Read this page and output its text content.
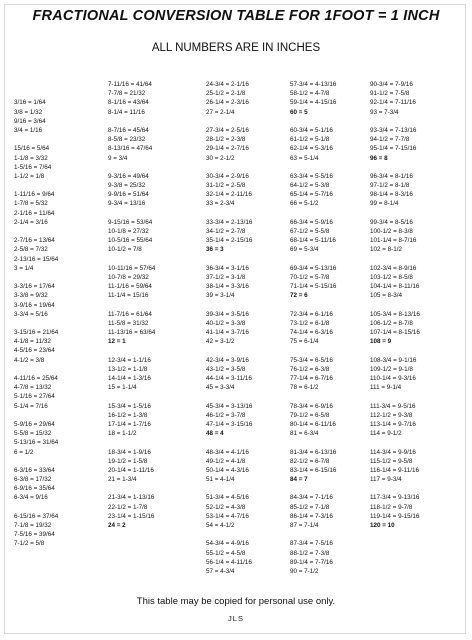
FRACTIONAL CONVERSION TABLE FOR 1FOOT = 1 INCH
ALL NUMBERS ARE IN INCHES
3/16 = 1/64
3/8 = 1/32
9/16 = 3/64
3/4 = 1/16
15/16 = 5/64
1-1/8 = 3/32
1-5/16 = 7/64
1-1/2 = 1/8
1-11/16 = 9/64
1-7/8 = 5/32
2-1/16 = 11/64
2-1/4 = 3/16
2-7/16 = 13/64
2-5/8 = 7/32
2-13/16 = 15/64
3 = 1/4
3-3/16 = 17/64
3-3/8 = 9/32
3-9/16 = 19/64
3-3/4 = 5/16
3-15/16 = 21/64
4-1/8 = 11/32
4-5/16 = 23/64
4-1/2 = 3/8
4-11/16 = 25/64
4-7/8 = 13/32
5-1/16 = 27/64
5-1/4 = 7/16
5-9/16 = 29/64
5-5/8 = 15/32
5-13/16 = 31/64
6 = 1/2
6-3/16 = 33/64
6-3/8 = 17/32
6-9/16 = 35/64
6-3/4 = 9/16
6-15/16 = 37/64
7-1/8 = 19/32
7-5/16 = 39/64
7-1/2 = 5/8
7-11/16 = 41/64
7-7/8 = 21/32
8-1/16 = 43/64
8-1/4 = 11/16
8-7/16 = 45/64
8-5/8 = 23/32
8-13/16 = 47/64
9 = 3/4
9-3/16 = 49/64
9-3/8 = 25/32
9-9/16 = 51/64
9-3/4 = 13/16
9-15/16 = 53/64
10-1/8 = 27/32
10-5/16 = 55/64
10-1/2 = 7/8
10-11/16 = 57/64
10-7/8 = 29/32
11-1/16 = 59/64
11-1/4 = 15/16
11-7/16 = 61/64
11-5/8 = 31/32
11-13/16 = 63/64
12 = 1
12-3/4 = 1-1/16
13-1/2 = 1-1/8
14-1/4 = 1-3/16
15 = 1-1/4
15-3/4 = 1-5/16
16-1/2 = 1-3/8
17-1/4 = 1-7/16
18 = 1-1/2
18-3/4 = 1-9/16
19-1/2 = 1-5/8
20-1/4 = 1-11/16
21 = 1-3/4
21-3/4 = 1-13/16
22-1/2 = 1-7/8
23-1/4 = 1-15/16
24 = 2
24-3/4 = 2-1/16
25-1/2 = 2-1/8
26-1/4 = 2-3/16
27 = 2-1/4
27-3/4 = 2-5/16
28-1/2 = 2-3/8
29-1/4 = 2-7/16
30 = 2-1/2
30-3/4 = 2-9/16
31-1/2 = 2-5/8
32-1/4 = 2-11/16
33 = 2-3/4
33-3/4 = 2-13/16
34-1/2 = 2-7/8
35-1/4 = 2-15/16
36 = 3
36-3/4 = 3-1/16
37-1/2 = 3-1/8
38-1/4 = 3-3/16
39 = 3-1/4
39-3/4 = 3-5/16
40-1/2 = 3-3/8
41-1/4 = 3-7/16
42 = 3-1/2
42-3/4 = 3-9/16
43-1/2 = 3-5/8
44-1/4 = 3-11/16
45 = 3-3/4
45-3/4 = 3-13/16
46-1/2 = 3-7/8
47-1/4 = 3-15/16
48 = 4
48-3/4 = 4-1/16
49-1/2 = 4-1/8
50-1/4 = 4-3/16
51 = 4-1/4
51-3/4 = 4-5/16
52-1/2 = 4-3/8
53-1/4 = 4-7/16
54 = 4-1/2
54-3/4 = 4-9/16
55-1/2 = 4-5/8
56-1/4 = 4-11/16
57 = 4-3/4
57-3/4 = 4-13/16
58-1/2 = 4-7/8
59-1/4 = 4-15/16
60 = 5
60-3/4 = 5-1/16
61-1/2 = 5-1/8
62-1/4 = 5-3/16
63 = 5-1/4
63-3/4 = 5-5/16
64-1/2 = 5-3/8
65-1/4 = 5-7/16
66 = 5-1/2
66-3/4 = 5-9/16
67-1/2 = 5-5/8
68-1/4 = 5-11/16
69 = 5-3/4
69-3/4 = 5-13/16
70-1/2 = 5-7/8
71-1/4 = 5-15/16
72 = 6
72-3/4 = 6-1/16
73-1/2 = 6-1/8
74-1/4 = 6-3/16
75 = 6-1/4
75-3/4 = 6-5/16
76-1/2 = 6-3/8
77-1/4 = 6-7/16
78 = 6-1/2
78-3/4 = 6-9/16
79-1/2 = 6-5/8
80-1/4 = 6-11/16
81 = 6-3/4
81-3/4 = 6-13/16
82-1/2 = 6-7/8
83-1/4 = 6-15/16
84 = 7
84-3/4 = 7-1/16
85-1/2 = 7-1/8
86-1/4 = 7-3/16
87 = 7-1/4
87-3/4 = 7-5/16
88-1/2 = 7-3/8
89-1/4 = 7-7/16
90 = 7-1/2
90-3/4 = 7-9/16
91-1/2 = 7-5/8
92-1/4 = 7-11/16
93 = 7-3/4
93-3/4 = 7-13/16
94-1/2 = 7-7/8
95-1/4 = 7-15/16
96 = 8
96-3/4 = 8-1/16
97-1/2 = 8-1/8
98-1/4 = 8-3/16
99 = 8-1/4
99-3/4 = 8-5/16
100-1/2 = 8-3/8
101-1/4 = 8-7/16
102 = 8-1/2
102-3/4 = 8-9/16
103-1/2 = 8-5/8
104-1/4 = 8-11/16
105 = 8-3/4
105-3/4 = 8-13/16
106-1/2 = 8-7/8
107-1/4 = 8-15/16
108 = 9
108-3/4 = 9-1/16
109-1/2 = 9-1/8
110-1/4 = 9-3/16
111 = 9-1/4
111-3/4 = 9-5/16
112-1/2 = 9-3/8
113-1/4 = 9-7/16
114 = 9-1/2
114-3/4 = 9-9/16
115-1/2 = 9-5/8
116-1/4 = 9-11/16
117 = 9-3/4
117-3/4 = 9-13/16
118-1/2 = 9-7/8
119-1/4 = 9-15/16
120 = 10
This table may be copied for personal use only.
JLS
